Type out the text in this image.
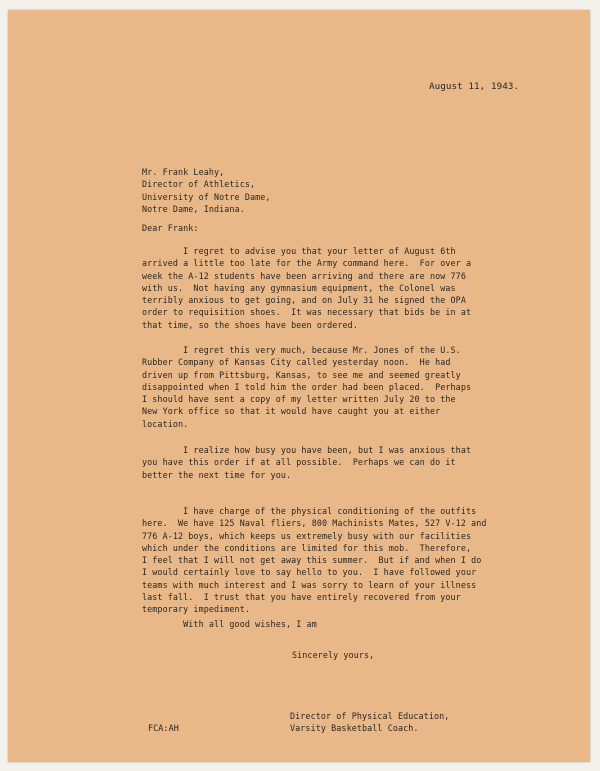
August 11, 1943.
Mr. Frank Leahy,
Director of Athletics,
University of Notre Dame,
Notre Dame, Indiana.
Dear Frank:
I regret to advise you that your letter of August 6th
arrived a little too late for the Army command here.  For over a
week the A-12 students have been arriving and there are now 776
with us.  Not having any gymnasium equipment, the Colonel was
terribly anxious to get going, and on July 31 he signed the OPA
order to requisition shoes.  It was necessary that bids be in at
that time, so the shoes have been ordered.
I regret this very much, because Mr. Jones of the U.S.
Rubber Company of Kansas City called yesterday noon.  He had
driven up from Pittsburg, Kansas, to see me and seemed greatly
disappointed when I told him the order had been placed.  Perhaps
I should have sent a copy of my letter written July 20 to the
New York office so that it would have caught you at either
location.
I realize how busy you have been, but I was anxious that
you have this order if at all possible.  Perhaps we can do it
better the next time for you.
I have charge of the physical conditioning of the outfits
here.  We have 125 Naval fliers, 800 Machinists Mates, 527 V-12 and
776 A-12 boys, which keeps us extremely busy with our facilities
which under the conditions are limited for this mob.  Therefore,
I feel that I will not get away this summer.  But if and when I do
I would certainly love to say hello to you.  I have followed your
teams with much interest and I was sorry to learn of your illness
last fall.  I trust that you have entirely recovered from your
temporary impediment.
With all good wishes, I am
Sincerely yours,
FCA:AH
Director of Physical Education,
Varsity Basketball Coach.
